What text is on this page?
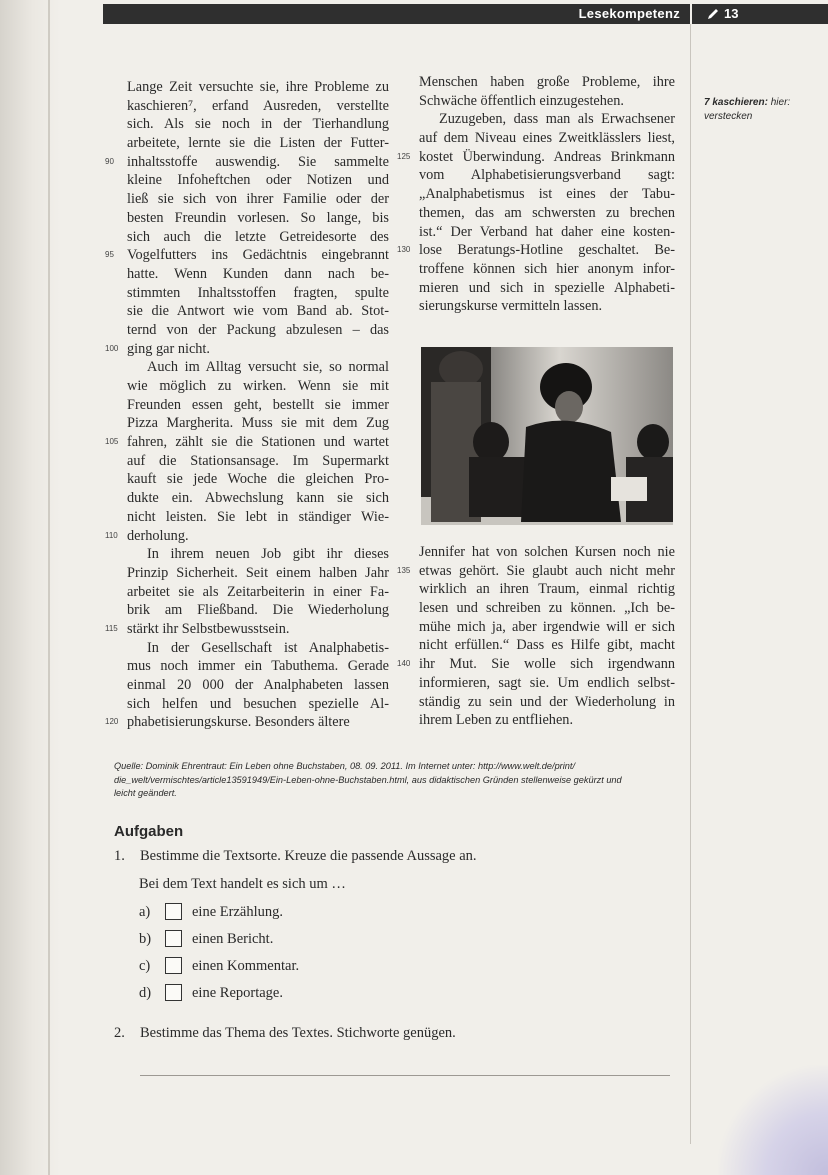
Lesekompetenz	13
Lange Zeit versuchte sie, ihre Probleme zu
kaschieren⁷, erfand Ausreden, verstellte
sich. Als sie noch in der Tierhandlung
arbeitete, lernte sie die Listen der Futter-
inhaltsstoffe auswendig. Sie sammelte
90
kleine Infoheftchen oder Notizen und
ließ sie sich von ihrer Familie oder der
besten Freundin vorlesen. So lange, bis
sich auch die letzte Getreidesorte des
Vogelfutters ins Gedächtnis eingebrannt
95
hatte. Wenn Kunden dann nach be-
stimmten Inhaltsstoffen fragten, spulte
sie die Antwort wie vom Band ab. Stot-
ternd von der Packung abzulesen – das
ging gar nicht.
100
Auch im Alltag versucht sie, so normal
wie möglich zu wirken. Wenn sie mit
Freunden essen geht, bestellt sie immer
Pizza Margherita. Muss sie mit dem Zug
fahren, zählt sie die Stationen und wartet
105
auf die Stationsansage. Im Supermarkt
kauft sie jede Woche die gleichen Pro-
dukte ein. Abwechslung kann sie sich
nicht leisten. Sie lebt in ständiger Wie-
derholung.
110
In ihrem neuen Job gibt ihr dieses
Prinzip Sicherheit. Seit einem halben Jahr
arbeitet sie als Zeitarbeiterin in einer Fa-
brik am Fließband. Die Wiederholung
stärkt ihr Selbstbewusstsein.
115
In der Gesellschaft ist Analphabetis-
mus noch immer ein Tabuthema. Gerade
einmal 20 000 der Analphabeten lassen
sich helfen und besuchen spezielle Al-
phabetisierungskurse. Besonders ältere
120
Menschen haben große Probleme, ihre
Schwäche öffentlich einzugestehen.
Zuzugeben, dass man als Erwachsener
auf dem Niveau eines Zweitklässlers liest,
kostet Überwindung. Andreas Brinkmann
125
vom Alphabetisierungsverband sagt:
„Analphabetismus ist eines der Tabu-
themen, das am schwersten zu brechen
ist.“ Der Verband hat daher eine kosten-
lose Beratungs-Hotline geschaltet. Be-
130
troffene können sich hier anonym infor-
mieren und sich in spezielle Alphabeti-
sierungskurse vermitteln lassen.
Jennifer hat von solchen Kursen noch nie
etwas gehört. Sie glaubt auch nicht mehr
135
wirklich an ihren Traum, einmal richtig
lesen und schreiben zu können. „Ich be-
mühe mich ja, aber irgendwie will er sich
nicht erfüllen.“ Dass es Hilfe gibt, macht
ihr Mut. Sie wolle sich irgendwann
140
informieren, sagt sie. Um endlich selbst-
ständig zu sein und der Wiederholung in
ihrem Leben zu entfliehen.
7 kaschieren: hier: verstecken
Quelle: Dominik Ehrentraut: Ein Leben ohne Buchstaben, 08. 09. 2011. Im Internet unter: http://www.welt.de/print/
die_welt/vermischtes/article13591949/Ein-Leben-ohne-Buchstaben.html, aus didaktischen Gründen stellenweise gekürzt und
leicht geändert.
Aufgaben
1. Bestimme die Textsorte. Kreuze die passende Aussage an.
Bei dem Text handelt es sich um …
a)	eine Erzählung.
b)	einen Bericht.
c)	einen Kommentar.
d)	eine Reportage.
2. Bestimme das Thema des Textes. Stichworte genügen.
